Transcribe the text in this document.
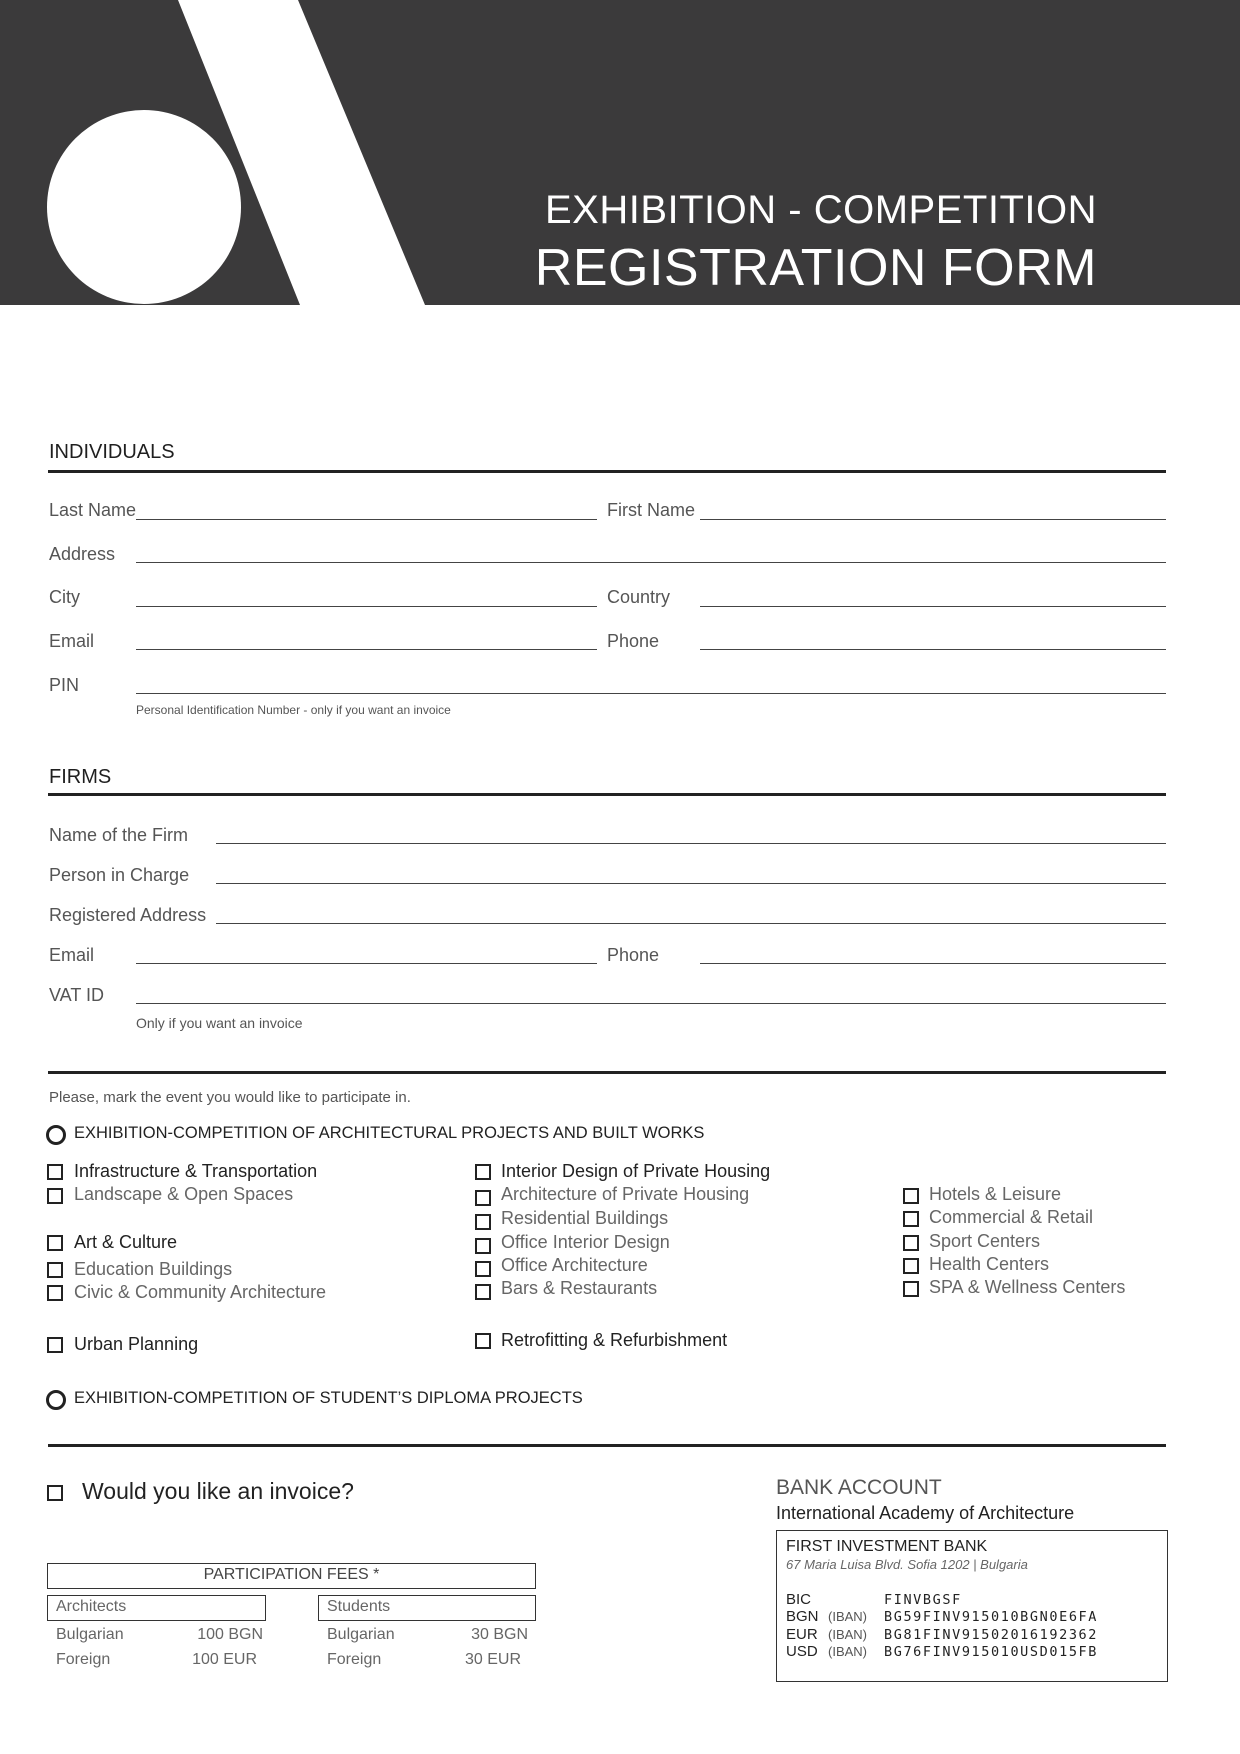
EXHIBITION - COMPETITION
REGISTRATION FORM
INDIVIDUALS
Last Name	First Name
Address
City	Country
Email	Phone
PIN
Personal Identification Number - only if you want an invoice
FIRMS
Name of the Firm
Person in Charge
Registered Address
Email	Phone
VAT ID
Only if you want an invoice
Please, mark the event you would like to participate in.
EXHIBITION-COMPETITION OF ARCHITECTURAL PROJECTS AND BUILT WORKS
Infrastructure & Transportation
Landscape & Open Spaces
Art & Culture
Education Buildings
Civic & Community Architecture
Urban Planning
Interior Design of Private Housing
Architecture of Private Housing
Residential Buildings
Office Interior Design
Office Architecture
Bars & Restaurants
Retrofitting & Refurbishment
Hotels & Leisure
Commercial & Retail
Sport Centers
Health Centers
SPA & Wellness Centers
EXHIBITION-COMPETITION OF STUDENT’S DIPLOMA PROJECTS
Would you like an invoice?
PARTICIPATION FEES *
Architects
Bulgarian	100 BGN
Foreign	100 EUR
Students
Bulgarian	30 BGN
Foreign	30 EUR
BANK ACCOUNT
International Academy of Architecture
FIRST INVESTMENT BANK
67 Maria Luisa Blvd. Sofia 1202 | Bulgaria
BIC	FINVBGSF
BGN (IBAN) BG59FINV915010BGN0E6FA
EUR (IBAN) BG81FINV91502016192362
USD (IBAN) BG76FINV915010USD015FB
